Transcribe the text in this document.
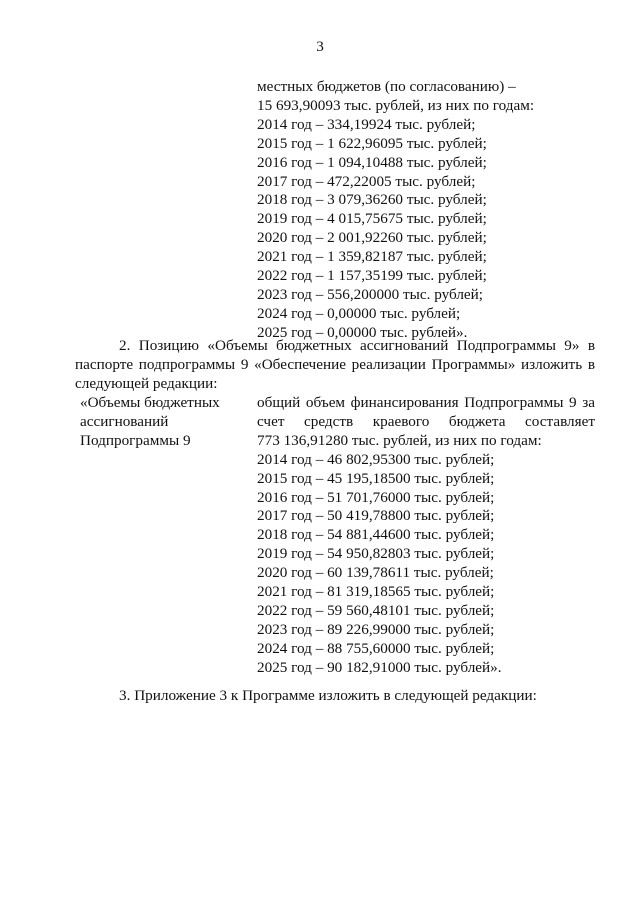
3
местных бюджетов (по согласованию) –
15 693,90093 тыс. рублей, из них по годам:
2014 год – 334,19924 тыс. рублей;
2015 год – 1 622,96095 тыс. рублей;
2016 год – 1 094,10488 тыс. рублей;
2017 год – 472,22005 тыс. рублей;
2018 год – 3 079,36260 тыс. рублей;
2019 год – 4 015,75675 тыс. рублей;
2020 год – 2 001,92260 тыс. рублей;
2021 год – 1 359,82187 тыс. рублей;
2022 год – 1 157,35199 тыс. рублей;
2023 год – 556,200000 тыс. рублей;
2024 год – 0,00000 тыс. рублей;
2025 год – 0,00000 тыс. рублей».
2. Позицию «Объемы бюджетных ассигнований Подпрограммы 9» в
паспорте подпрограммы 9 «Обеспечение реализации Программы» изложить в
следующей редакции:
«Объемы бюджетных
ассигнований
Подпрограммы 9
общий объем финансирования Подпрограммы 9 за
счет средств краевого бюджета составляет
773 136,91280 тыс. рублей, из них по годам:
2014 год – 46 802,95300 тыс. рублей;
2015 год – 45 195,18500 тыс. рублей;
2016 год – 51 701,76000 тыс. рублей;
2017 год – 50 419,78800 тыс. рублей;
2018 год – 54 881,44600 тыс. рублей;
2019 год – 54 950,82803 тыс. рублей;
2020 год – 60 139,78611 тыс. рублей;
2021 год – 81 319,18565 тыс. рублей;
2022 год – 59 560,48101 тыс. рублей;
2023 год – 89 226,99000 тыс. рублей;
2024 год – 88 755,60000 тыс. рублей;
2025 год – 90 182,91000 тыс. рублей».
3. Приложение 3 к Программе изложить в следующей редакции:
